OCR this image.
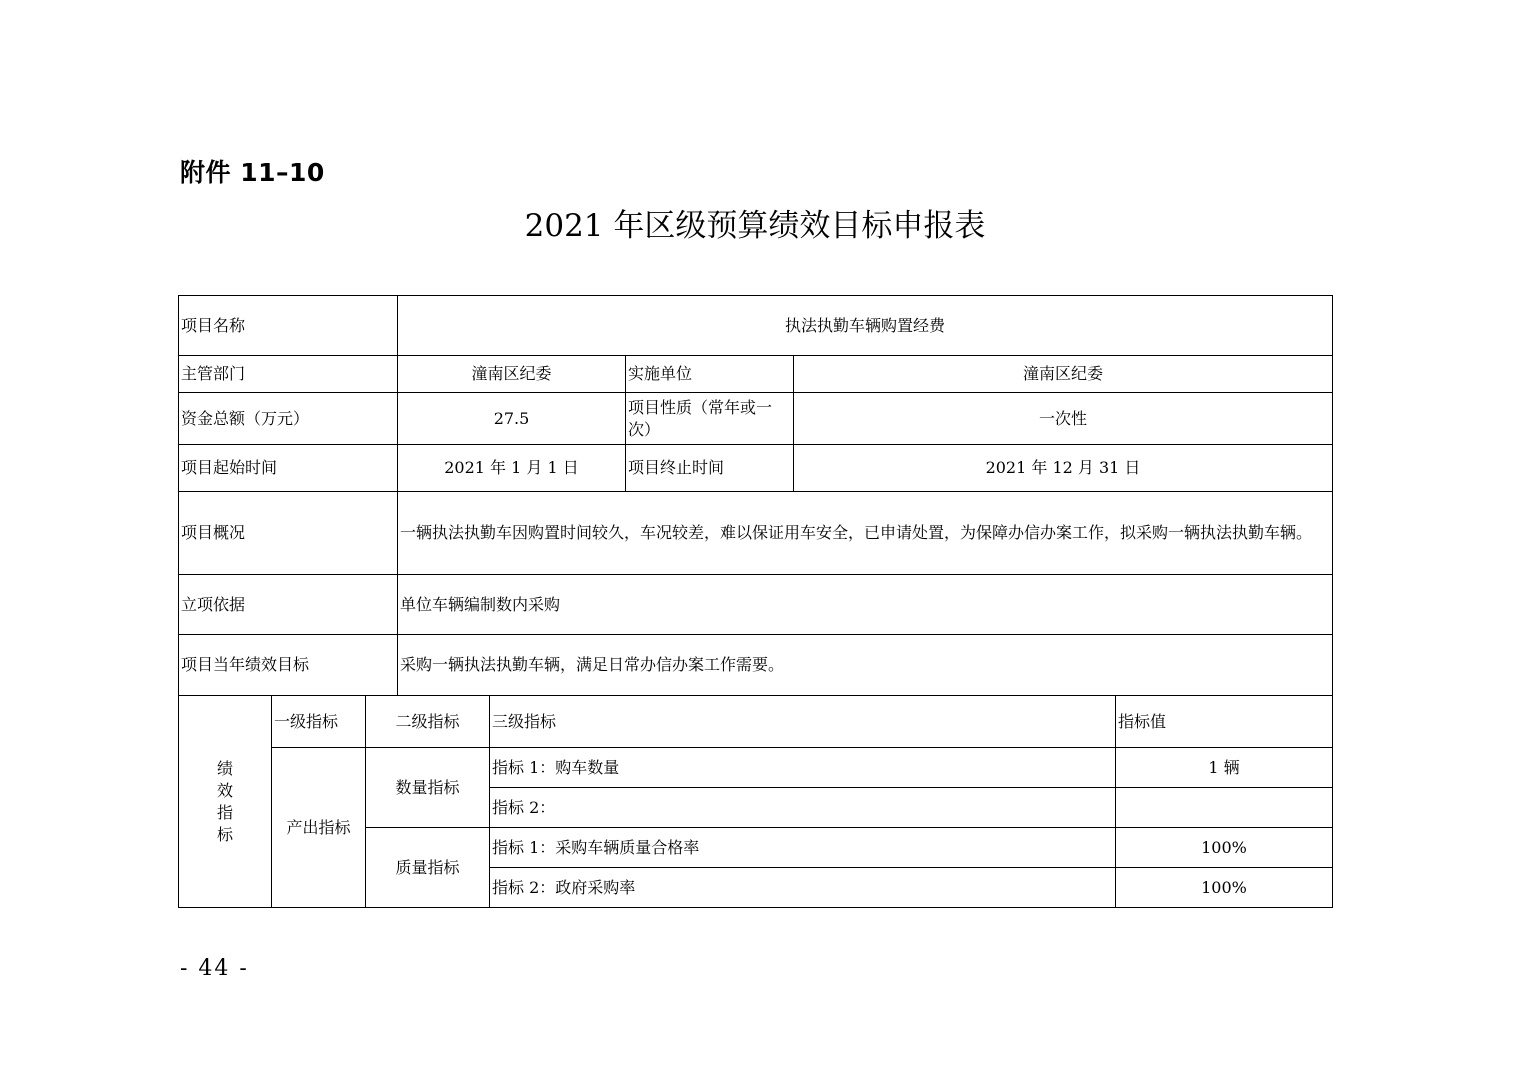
附件 11–10
2021 年区级预算绩效目标申报表
项目名称	执法执勤车辆购置经费		
主管部门	潼南区纪委	实施单位	潼南区纪委
资金总额（万元）	27.5	项目性质（常年或一次）	一次性
项目起始时间	2021 年 1 月 1 日	项目终止时间	2021 年 12 月 31 日
项目概况	一辆执法执勤车因购置时间较久，车况较差，难以保证用车安全，已申请处置，为保障办信办案工作，拟采购一辆执法执勤车辆。		
立项依据	单位车辆编制数内采购		
项目当年绩效目标	采购一辆执法执勤车辆，满足日常办信办案工作需要。		
绩
效
指
标	一级指标	二级指标	三级指标	指标值
	产出指标	数量指标	指标 1：购车数量	1 辆
			指标 2：	
		质量指标	指标 1：采购车辆质量合格率	100%
			指标 2：政府采购率	100%
- 44 -
